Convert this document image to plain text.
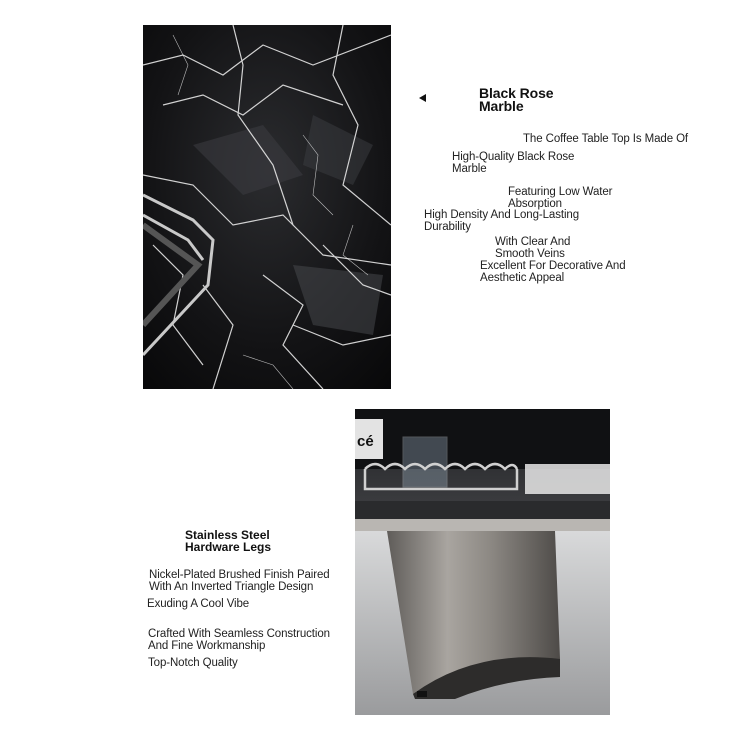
Black Rose
Marble
The Coffee Table Top Is Made Of
High-Quality Black Rose
Marble
Featuring Low Water
Absorption
High Density And Long-Lasting
Durability
With Clear And
Smooth Veins
Excellent For Decorative And
Aesthetic Appeal
cé
Stainless Steel
Hardware Legs
Nickel-Plated Brushed Finish Paired
With An Inverted Triangle Design
Exuding A Cool Vibe
Crafted With Seamless Construction
And Fine Workmanship
Top-Notch Quality
